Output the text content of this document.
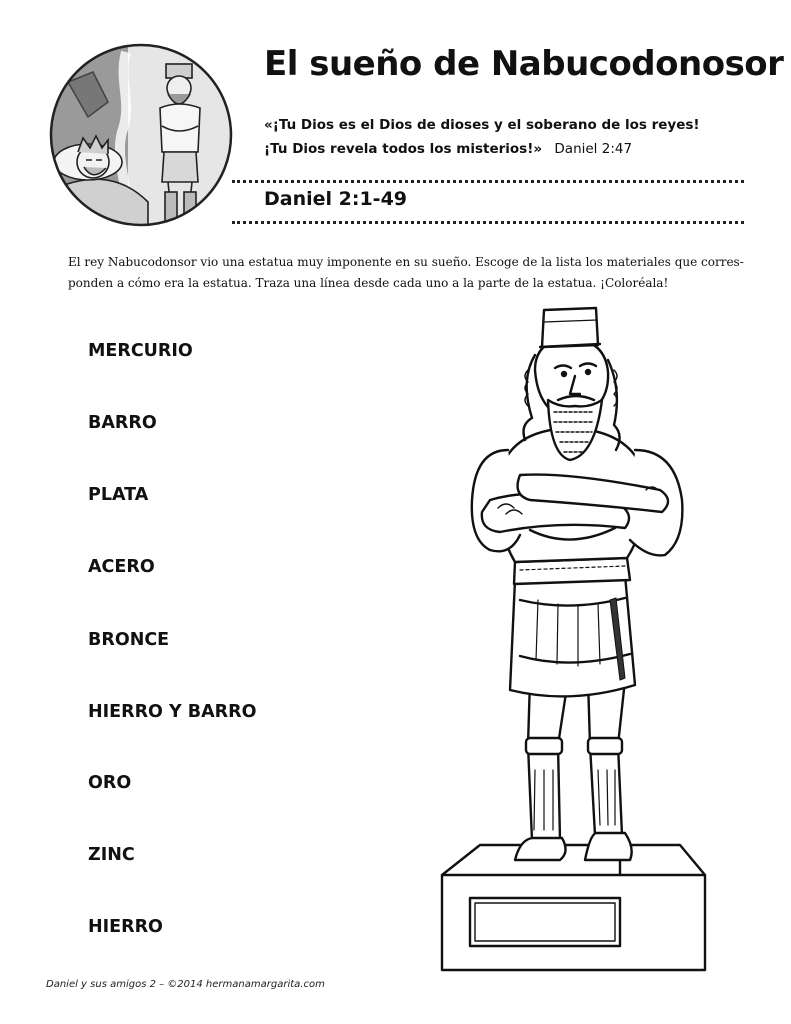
El sueño de Nabucodonosor
«¡Tu Dios es el Dios de dioses y el soberano de los reyes!
¡Tu Dios revela todos los misterios!» Daniel 2:47
Daniel 2:1-49
El rey Nabucodonsor vio una estatua muy imponente en su sueño. Escoge de la lista los materiales que corres-ponden a cómo era la estatua. Traza una línea desde cada uno a la parte de la estatua. ¡Coloréala!
MERCURIO
BARRO
PLATA
ACERO
BRONCE
HIERRO Y BARRO
ORO
ZINC
HIERRO
Daniel y sus amigos 2 – ©2014 hermanamargarita.com
